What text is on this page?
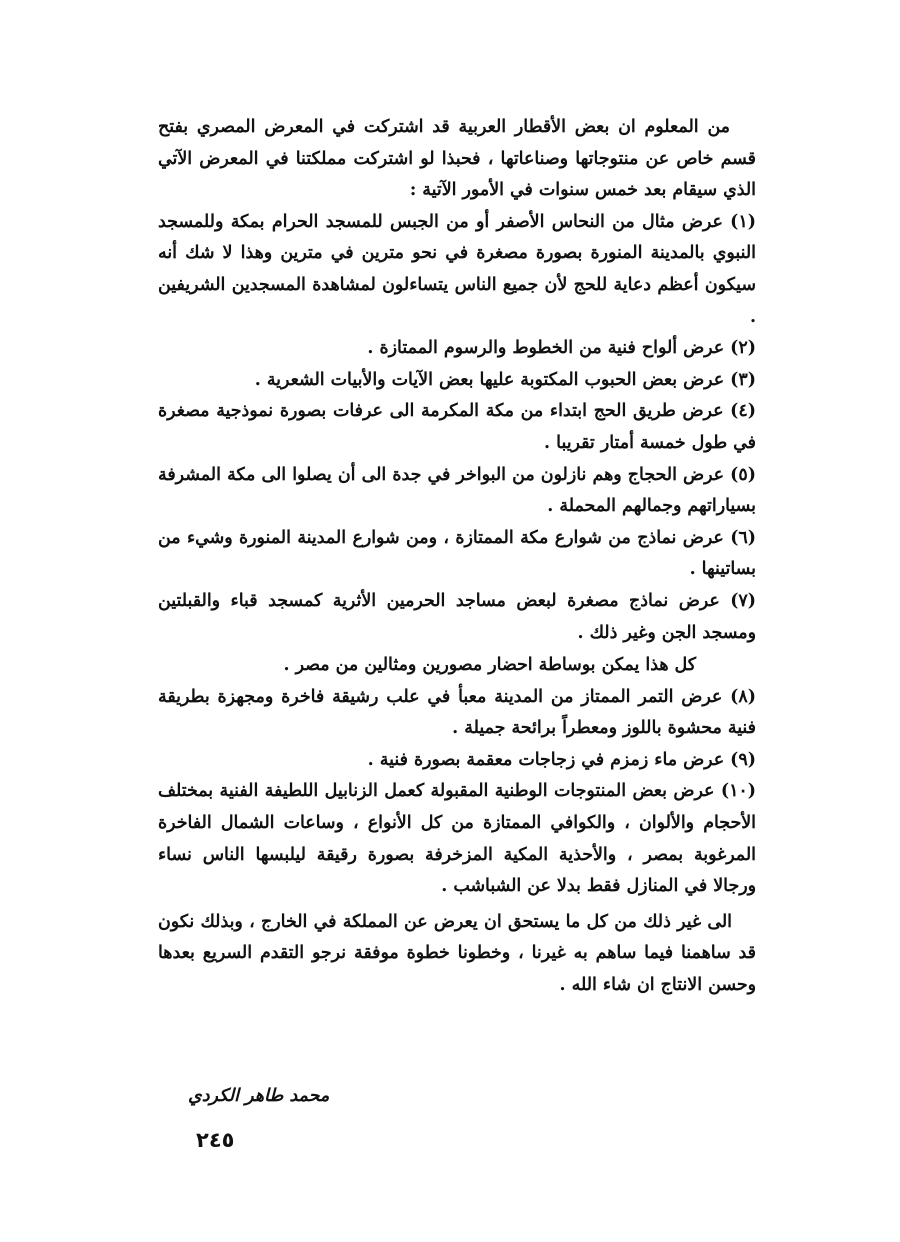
من المعلوم ان بعض الأقطار العربية قد اشتركت في المعرض المصري بفتح قسم خاص عن منتوجاتها وصناعاتها ، فحبذا لو اشتركت مملكتنا في المعرض الآتي الذي سيقام بعد خمس سنوات في الأمور الآتية :

(١) عرض مثال من النحاس الأصفر أو من الجبس للمسجد الحرام بمكة وللمسجد النبوي بالمدينة المنورة بصورة مصغرة في نحو مترين في مترين وهذا لا شك أنه سيكون أعظم دعاية للحج لأن جميع الناس يتساءلون لمشاهدة المسجدين الشريفين .

(٢) عرض ألواح فنية من الخطوط والرسوم الممتازة .

(٣) عرض بعض الحبوب المكتوبة عليها بعض الآيات والأبيات الشعرية .

(٤) عرض طريق الحج ابتداء من مكة المكرمة الى عرفات بصورة نموذجية مصغرة في طول خمسة أمتار تقريبا .

(٥) عرض الحجاج وهم نازلون من البواخر في جدة الى أن يصلوا الى مكة المشرفة بسياراتهم وجمالهم المحملة .

(٦) عرض نماذج من شوارع مكة الممتازة ، ومن شوارع المدينة المنورة وشيء من بساتينها .

(٧) عرض نماذج مصغرة لبعض مساجد الحرمين الأثرية كمسجد قباء والقبلتين ومسجد الجن وغير ذلك .

كل هذا يمكن بوساطة احضار مصورين ومثالين من مصر .

(٨) عرض التمر الممتاز من المدينة معبأ في علب رشيقة فاخرة ومجهزة بطريقة فنية محشوة باللوز ومعطراً برائحة جميلة .

(٩) عرض ماء زمزم في زجاجات معقمة بصورة فنية .

(١٠) عرض بعض المنتوجات الوطنية المقبولة كعمل الزنابيل اللطيفة الفنية بمختلف الأحجام والألوان ، والكوافي الممتازة من كل الأنواع ، وساعات الشمال الفاخرة المرغوبة بمصر ، والأحذية المكية المزخرفة بصورة رقيقة ليلبسها الناس نساء ورجالا في المنازل فقط بدلا عن الشباشب .

الى غير ذلك من كل ما يستحق ان يعرض عن المملكة في الخارج ، وبذلك نكون قد ساهمنا فيما ساهم به غيرنا ، وخطونا خطوة موفقة نرجو التقدم السريع بعدها وحسن الانتاج ان شاء الله .

محمد طاهر الكردي
٢٤٥
